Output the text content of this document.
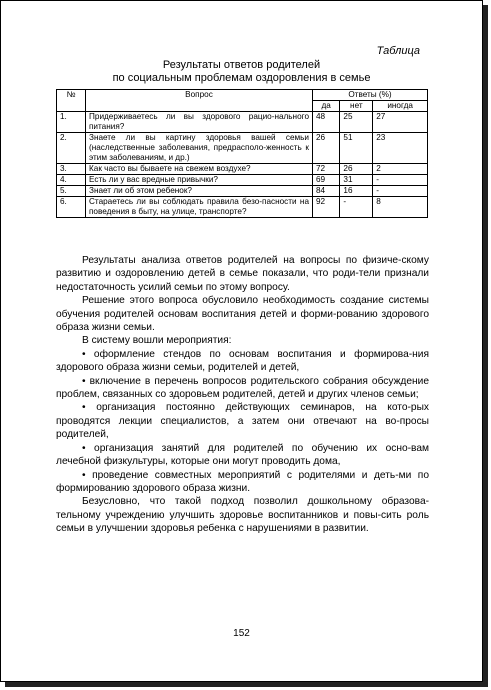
Таблица
Результаты ответов родителей
по социальным проблемам оздоровления в семье
№	Вопрос	Ответы (%)		
		да	нет	иногда
1.	Придерживаетесь ли вы здорового рацио-нального питания?	48	25	27
2.	Знаете ли вы картину здоровья вашей семьи (наследственные заболевания, предрасполо-женность к этим заболеваниям, и др.)	26	51	23
3.	Как часто вы бываете на свежем воздухе?	72	26	2
4.	Есть ли у вас вредные привычки?	69	31	-
5.	Знает ли об этом ребенок?	84	16	-
6.	Стараетесь ли вы соблюдать правила безо-пасности на поведения в быту, на улице, транспорте?	92	-	8

Результаты анализа ответов родителей на вопросы по физиче-скому развитию и оздоровлению детей в семье показали, что роди-тели признали недостаточность усилий семьи по этому вопросу.

Решение этого вопроса обусловило необходимость создание системы обучения родителей основам воспитания детей и форми-рованию здорового образа жизни семьи.

В систему вошли мероприятия:

• оформление стендов по основам воспитания и формирова-ния здорового образа жизни семьи, родителей и детей,

• включение в перечень вопросов родительского собрания обсуждение проблем, связанных со здоровьем родителей, детей и других членов семьи;

• организация постоянно действующих семинаров, на кото-рых проводятся лекции специалистов, а затем они отвечают на во-просы родителей,

• организация занятий для родителей по обучению их осно-вам лечебной физкультуры, которые они могут проводить дома,

• проведение совместных мероприятий с родителями и деть-ми по формированию здорового образа жизни.

Безусловно, что такой подход позволил дошкольному образова-тельному учреждению улучшить здоровье воспитанников и повы-сить роль семьи в улучшении здоровья ребенка с нарушениями в развитии.

152
